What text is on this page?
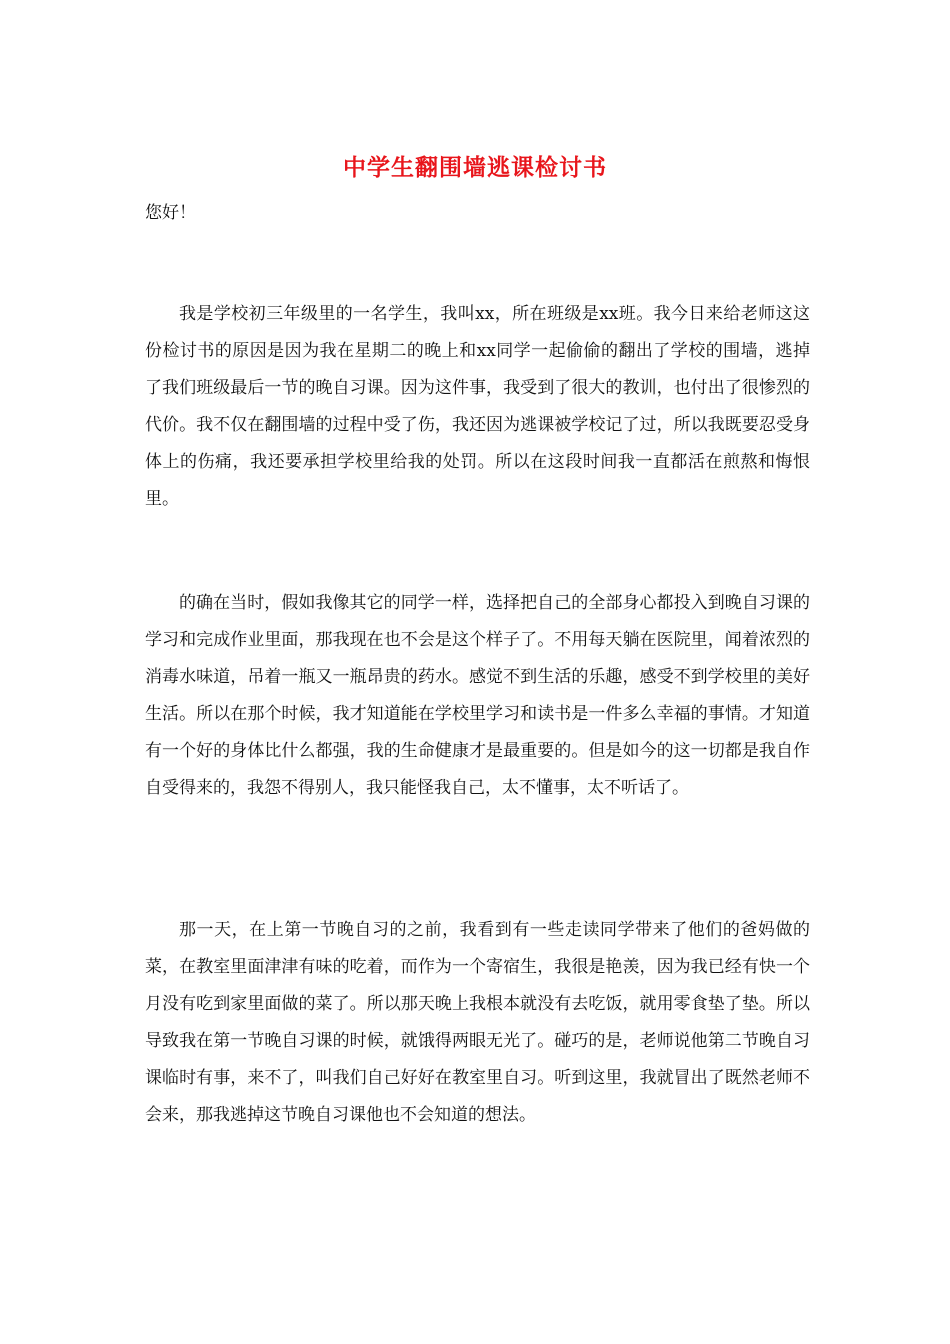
中学生翻围墙逃课检讨书
您好！

我是学校初三年级里的一名学生，我叫xx，所在班级是xx班。我今日来给老师这这份检讨书的原因是因为我在星期二的晚上和xx同学一起偷偷的翻出了学校的围墙，逃掉了我们班级最后一节的晚自习课。因为这件事，我受到了很大的教训，也付出了很惨烈的代价。我不仅在翻围墙的过程中受了伤，我还因为逃课被学校记了过，所以我既要忍受身体上的伤痛，我还要承担学校里给我的处罚。所以在这段时间我一直都活在煎熬和悔恨里。

的确在当时，假如我像其它的同学一样，选择把自己的全部身心都投入到晚自习课的学习和完成作业里面，那我现在也不会是这个样子了。不用每天躺在医院里，闻着浓烈的消毒水味道，吊着一瓶又一瓶昂贵的药水。感觉不到生活的乐趣，感受不到学校里的美好生活。所以在那个时候，我才知道能在学校里学习和读书是一件多么幸福的事情。才知道有一个好的身体比什么都强，我的生命健康才是最重要的。但是如今的这一切都是我自作自受得来的，我怨不得别人，我只能怪我自己，太不懂事，太不听话了。

那一天，在上第一节晚自习的之前，我看到有一些走读同学带来了他们的爸妈做的菜，在教室里面津津有味的吃着，而作为一个寄宿生，我很是艳羡，因为我已经有快一个月没有吃到家里面做的菜了。所以那天晚上我根本就没有去吃饭，就用零食垫了垫。所以导致我在第一节晚自习课的时候，就饿得两眼无光了。碰巧的是，老师说他第二节晚自习课临时有事，来不了，叫我们自己好好在教室里自习。听到这里，我就冒出了既然老师不会来，那我逃掉这节晚自习课他也不会知道的想法。
